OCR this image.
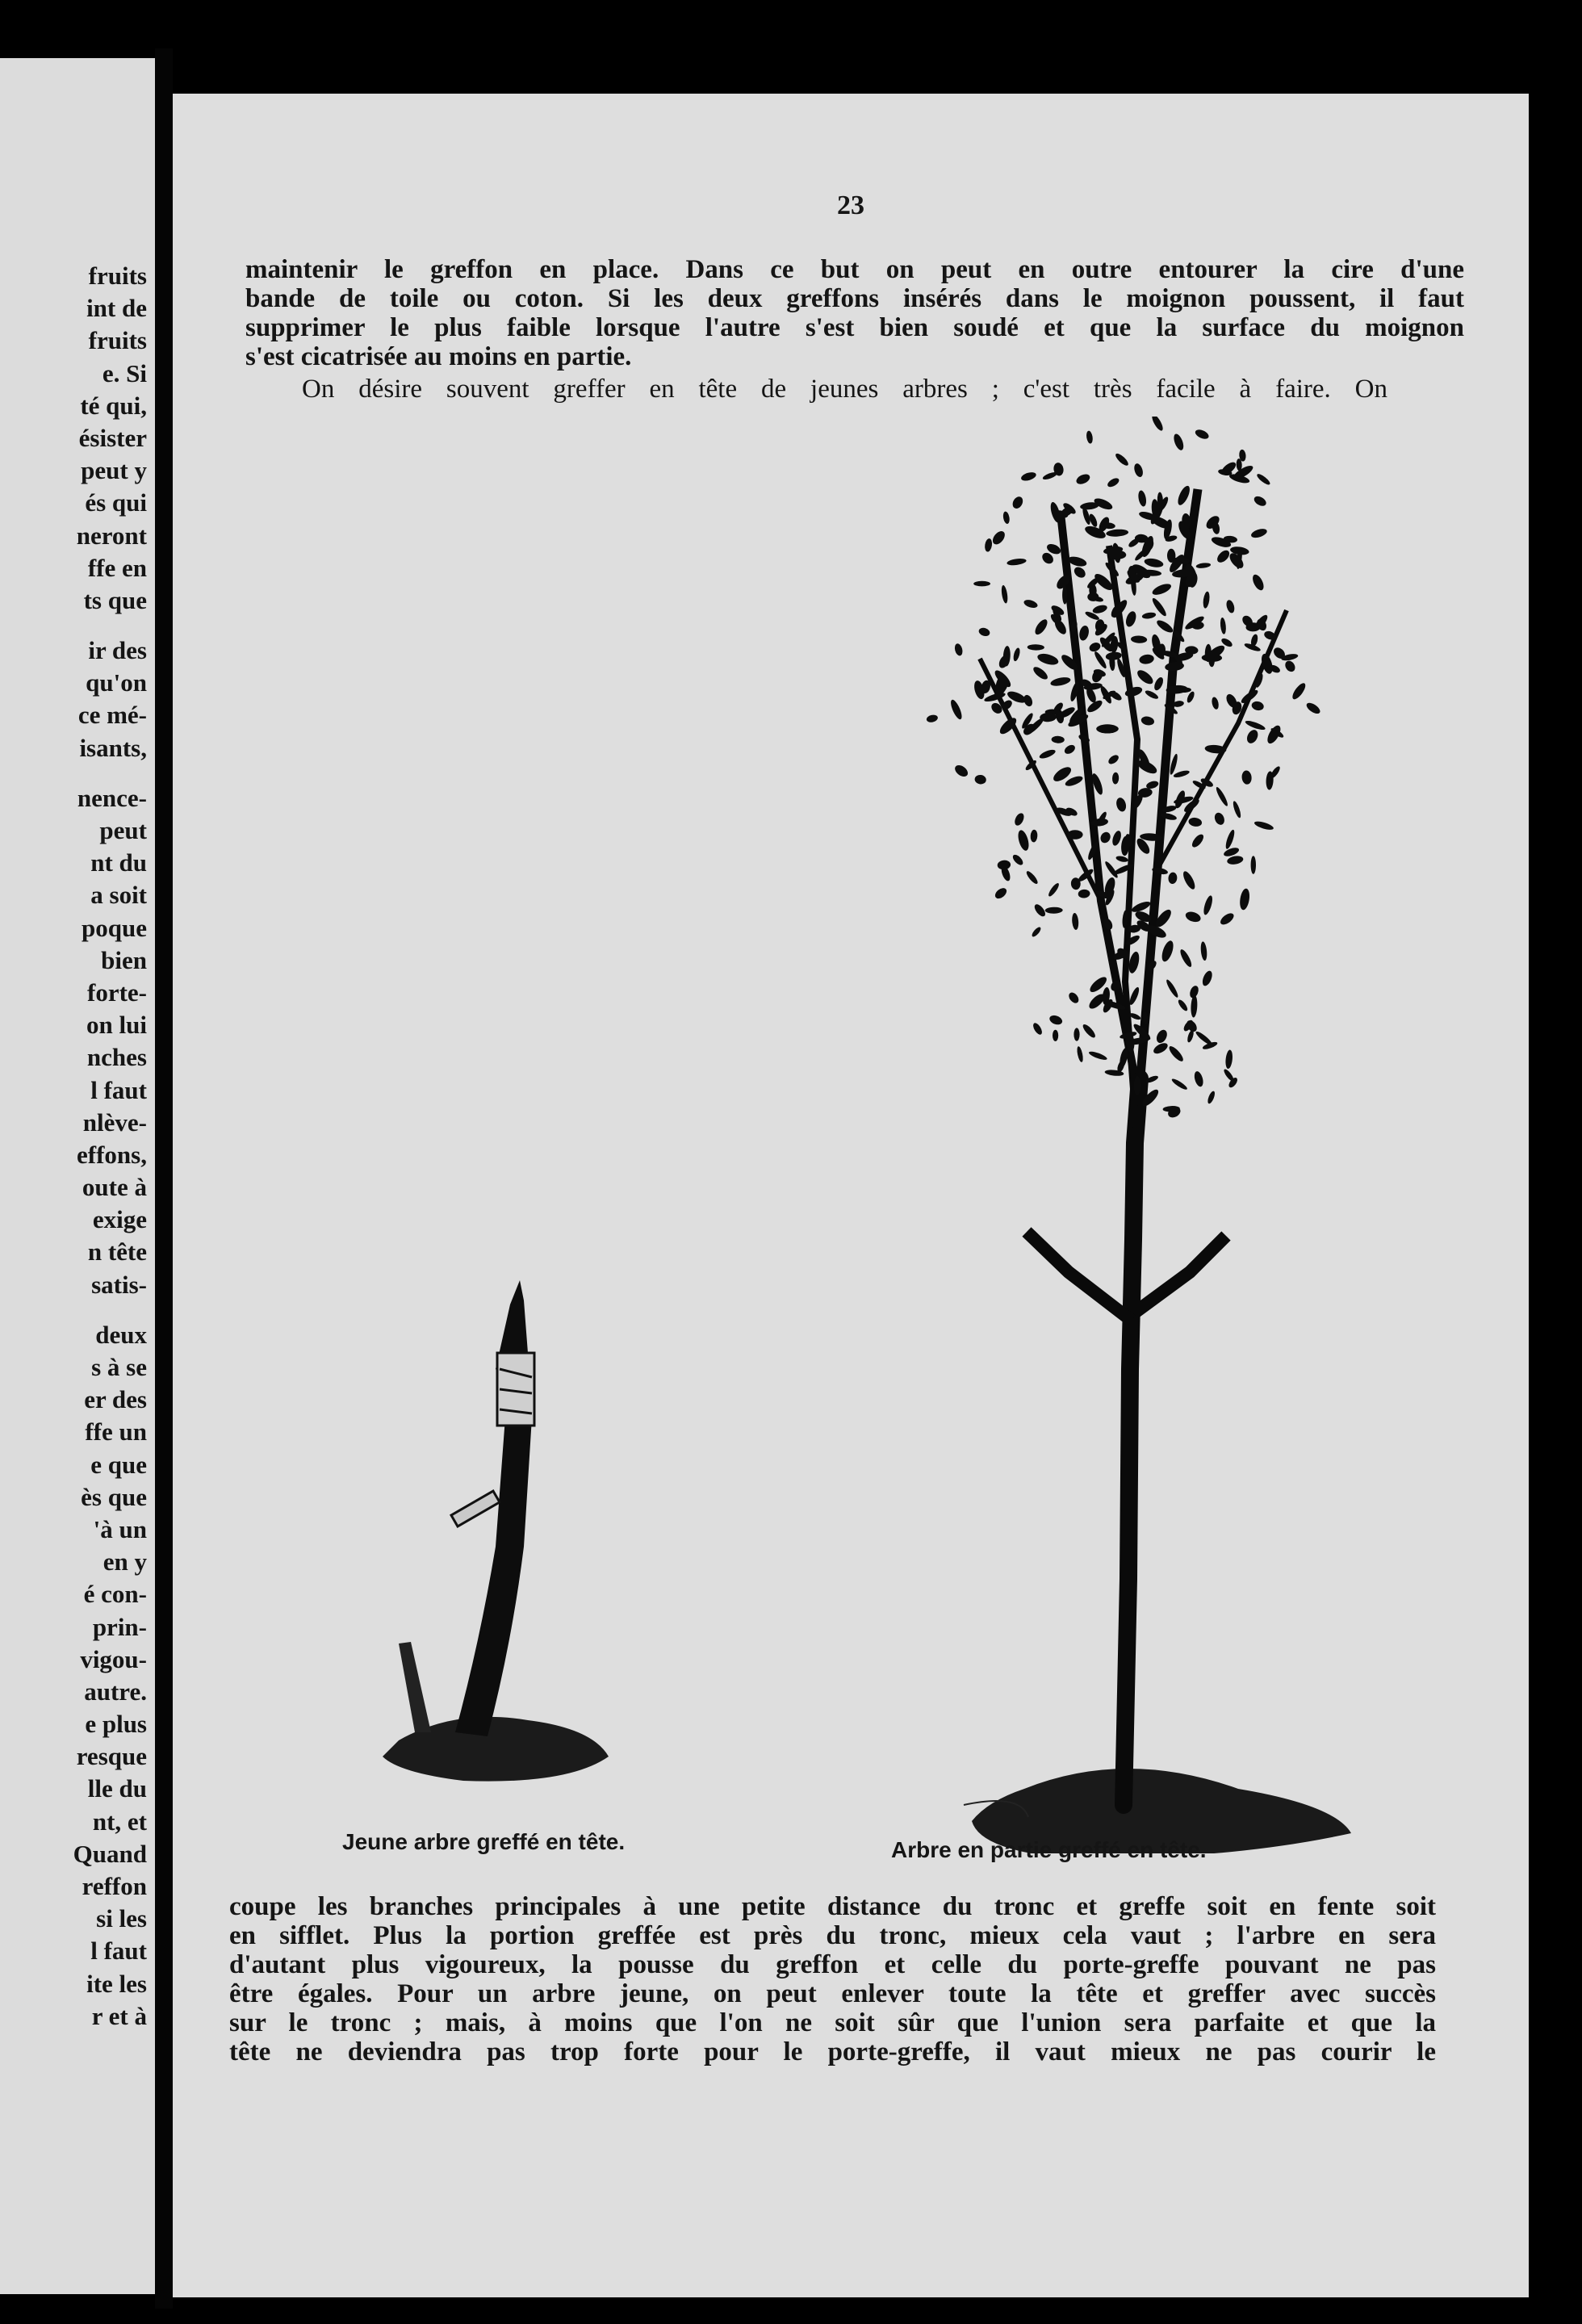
fruits
int de
fruits
e. Si
té qui,
ésister
peut y
és qui
neront
ffe en
ts que
ir des
qu'on
ce mé-
isants,
nence-
peut
nt du
a soit
poque
bien
forte-
on lui
nches
l faut
nlève-
effons,
oute à
exige
n tête
satis-
deux
s à se
er des
ffe un
e que
ès que
'à un
en y
é con-
prin-
vigou-
autre.
e plus
resque
lle du
nt, et
Quand
reffon
si les
l faut
ite les
r et à
23
maintenir le greffon en place. Dans ce but on peut en outre entourer la cire d'une
bande de toile ou coton. Si les deux greffons insérés dans le moignon poussent, il faut
supprimer le plus faible lorsque l'autre s'est bien soudé et que la surface du moignon
s'est cicatrisée au moins en partie.
On désire souvent greffer en tête de jeunes arbres ; c'est très facile à faire. On
Jeune arbre greffé en tête.	Arbre en partie greffé en tête.
coupe les branches principales à une petite distance du tronc et greffe soit en fente soit
en sifflet. Plus la portion greffée est près du tronc, mieux cela vaut ; l'arbre en sera
d'autant plus vigoureux, la pousse du greffon et celle du porte-greffe pouvant ne pas
être égales. Pour un arbre jeune, on peut enlever toute la tête et greffer avec succès
sur le tronc ; mais, à moins que l'on ne soit sûr que l'union sera parfaite et que la
tête ne deviendra pas trop forte pour le porte-greffe, il vaut mieux ne pas courir le
